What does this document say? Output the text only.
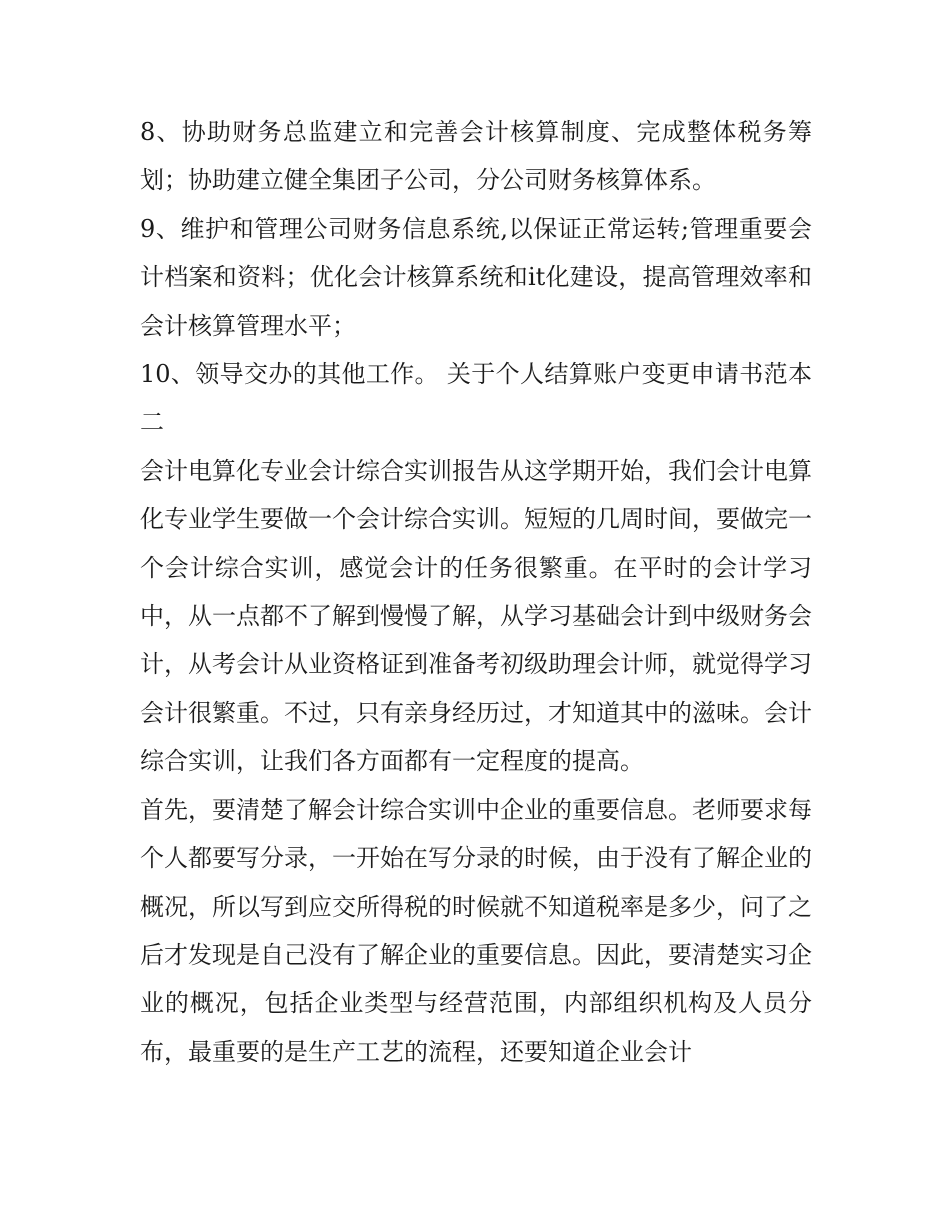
8、协助财务总监建立和完善会计核算制度、完成整体税务筹划；协助建立健全集团子公司，分公司财务核算体系。

9、维护和管理公司财务信息系统,以保证正常运转;管理重要会计档案和资料；优化会计核算系统和it化建设，提高管理效率和会计核算管理水平；

10、领导交办的其他工作。 关于个人结算账户变更申请书范本二

会计电算化专业会计综合实训报告从这学期开始，我们会计电算化专业学生要做一个会计综合实训。短短的几周时间，要做完一个会计综合实训，感觉会计的任务很繁重。在平时的会计学习中，从一点都不了解到慢慢了解，从学习基础会计到中级财务会计，从考会计从业资格证到准备考初级助理会计师，就觉得学习会计很繁重。不过，只有亲身经历过，才知道其中的滋味。会计综合实训，让我们各方面都有一定程度的提高。

首先，要清楚了解会计综合实训中企业的重要信息。老师要求每个人都要写分录，一开始在写分录的时候，由于没有了解企业的概况，所以写到应交所得税的时候就不知道税率是多少，问了之后才发现是自己没有了解企业的重要信息。因此，要清楚实习企业的概况，包括企业类型与经营范围，内部组织机构及人员分布，最重要的是生产工艺的流程，还要知道企业会计
